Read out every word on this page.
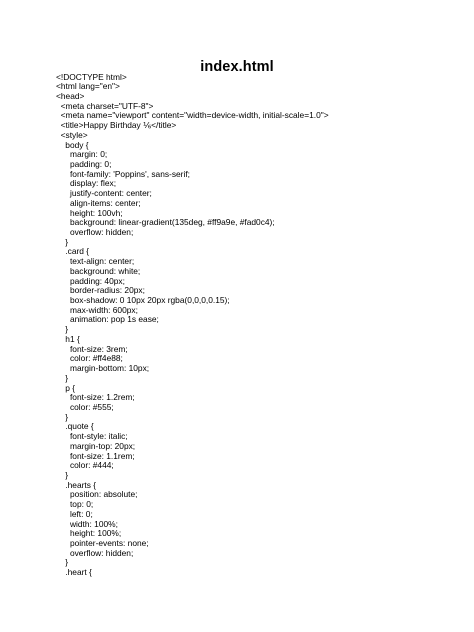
index.html
<!DOCTYPE html>
<html lang="en">
<head>
<meta charset="UTF-8">
<meta name="viewport" content="width=device-width, initial-scale=1.0">
<title>Happy Birthday ⅙</title>
<style>
body {
margin: 0;
padding: 0;
font-family: 'Poppins', sans-serif;
display: flex;
justify-content: center;
align-items: center;
height: 100vh;
background: linear-gradient(135deg, #ff9a9e, #fad0c4);
overflow: hidden;
}
.card {
text-align: center;
background: white;
padding: 40px;
border-radius: 20px;
box-shadow: 0 10px 20px rgba(0,0,0,0.15);
max-width: 600px;
animation: pop 1s ease;
}
h1 {
font-size: 3rem;
color: #ff4e88;
margin-bottom: 10px;
}
p {
font-size: 1.2rem;
color: #555;
}
.quote {
font-style: italic;
margin-top: 20px;
font-size: 1.1rem;
color: #444;
}
.hearts {
position: absolute;
top: 0;
left: 0;
width: 100%;
height: 100%;
pointer-events: none;
overflow: hidden;
}
.heart {
